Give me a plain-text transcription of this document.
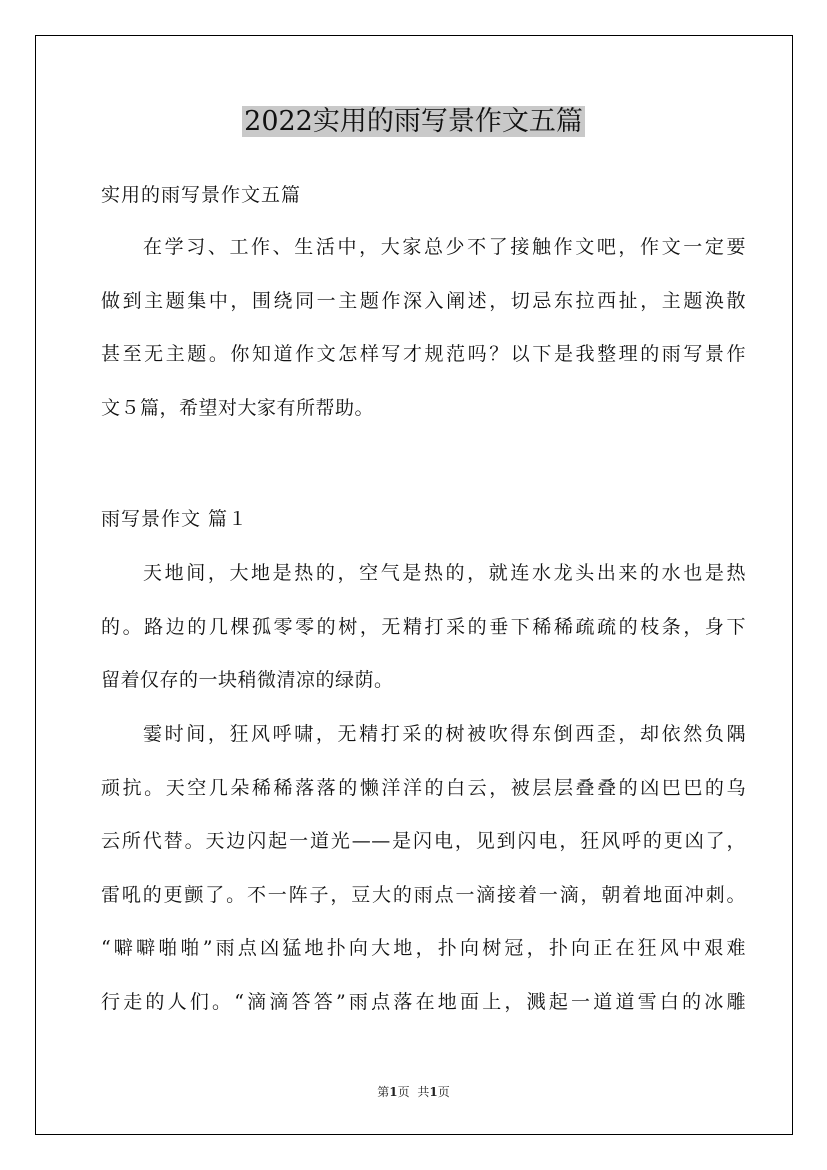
2022实用的雨写景作文五篇

实用的雨写景作文五篇

在学习、工作、生活中，大家总少不了接触作文吧，作文一定要
做到主题集中，围绕同一主题作深入阐述，切忌东拉西扯，主题涣散
甚至无主题。你知道作文怎样写才规范吗？以下是我整理的雨写景作
文５篇，希望对大家有所帮助。

雨写景作文 篇１

天地间，大地是热的，空气是热的，就连水龙头出来的水也是热
的。路边的几棵孤零零的树，无精打采的垂下稀稀疏疏的枝条，身下
留着仅存的一块稍微清凉的绿荫。
霎时间，狂风呼啸，无精打采的树被吹得东倒西歪，却依然负隅
顽抗。天空几朵稀稀落落的懒洋洋的白云，被层层叠叠的凶巴巴的乌
云所代替。天边闪起一道光——是闪电，见到闪电，狂风呼的更凶了，
雷吼的更颤了。不一阵子，豆大的雨点一滴接着一滴，朝着地面冲刺。
“噼噼啪啪”雨点凶猛地扑向大地，扑向树冠，扑向正在狂风中艰难
行走的人们。“滴滴答答”雨点落在地面上，溅起一道道雪白的冰雕
第1页 共1页
